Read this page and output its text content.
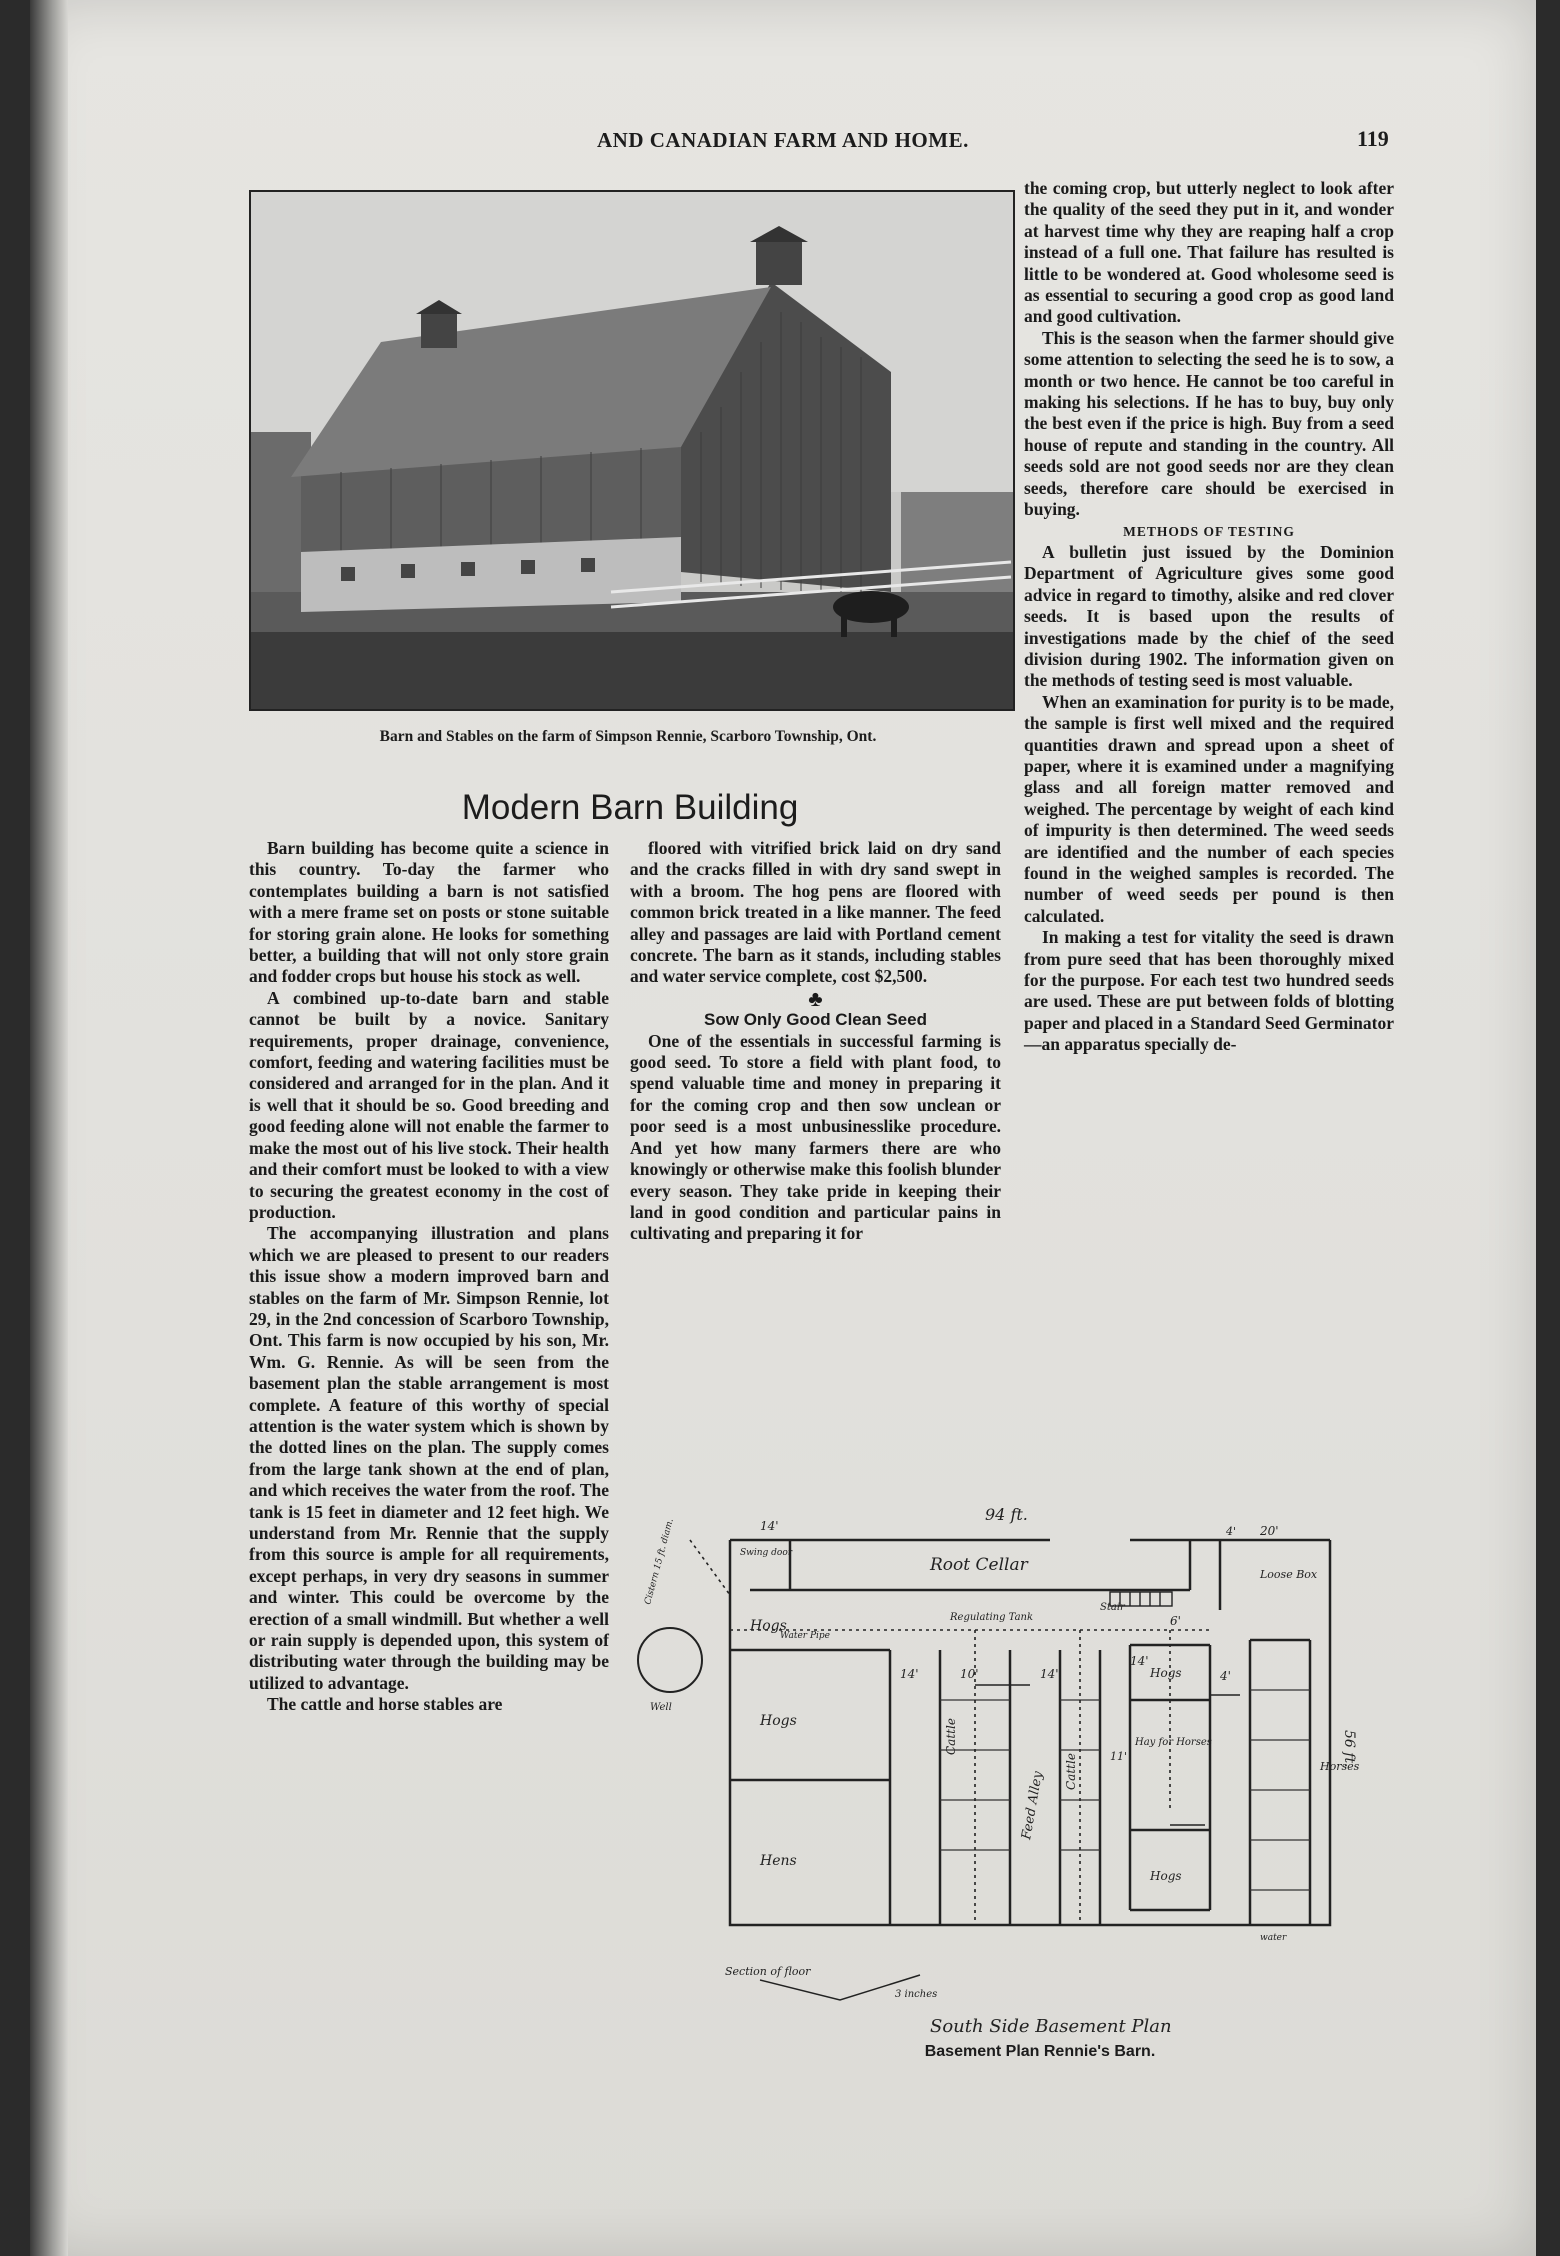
AND CANADIAN FARM AND HOME.	119
Barn and Stables on the farm of Simpson Rennie, Scarboro Township, Ont.
Modern Barn Building

Barn building has become quite a science in this country. To-day the farmer who contemplates building a barn is not satisfied with a mere frame set on posts or stone suitable for storing grain alone. He looks for something better, a building that will not only store grain and fodder crops but house his stock as well.

A combined up-to-date barn and stable cannot be built by a novice. Sanitary requirements, proper drainage, convenience, comfort, feeding and watering facilities must be considered and arranged for in the plan. And it is well that it should be so. Good breeding and good feeding alone will not enable the farmer to make the most out of his live stock. Their health and their comfort must be looked to with a view to securing the greatest economy in the cost of production.

The accompanying illustration and plans which we are pleased to present to our readers this issue show a modern improved barn and stables on the farm of Mr. Simpson Rennie, lot 29, in the 2nd concession of Scarboro Township, Ont. This farm is now occupied by his son, Mr. Wm. G. Rennie. As will be seen from the basement plan the stable arrangement is most complete. A feature of this worthy of special attention is the water system which is shown by the dotted lines on the plan. The supply comes from the large tank shown at the end of plan, and which receives the water from the roof. The tank is 15 feet in diameter and 12 feet high. We understand from Mr. Rennie that the supply from this source is ample for all requirements, except perhaps, in very dry seasons in summer and winter. This could be overcome by the erection of a small windmill. But whether a well or rain supply is depended upon, this system of distributing water through the building may be utilized to advantage.

The cattle and horse stables are

floored with vitrified brick laid on dry sand and the cracks filled in with dry sand swept in with a broom. The hog pens are floored with common brick treated in a like manner. The feed alley and passages are laid with Portland cement concrete. The barn as it stands, including stables and water service complete, cost $2,500.

♣

Sow Only Good Clean Seed

One of the essentials in successful farming is good seed. To store a field with plant food, to spend valuable time and money in preparing it for the coming crop and then sow unclean or poor seed is a most unbusinesslike procedure. And yet how many farmers there are who knowingly or otherwise make this foolish blunder every season. They take pride in keeping their land in good condition and particular pains in cultivating and preparing it for

the coming crop, but utterly neglect to look after the quality of the seed they put in it, and wonder at harvest time why they are reaping half a crop instead of a full one. That failure has resulted is little to be wondered at. Good wholesome seed is as essential to securing a good crop as good land and good cultivation.

This is the season when the farmer should give some attention to selecting the seed he is to sow, a month or two hence. He cannot be too careful in making his selections. If he has to buy, buy only the best even if the price is high. Buy from a seed house of repute and standing in the country. All seeds sold are not good seeds nor are they clean seeds, therefore care should be exercised in buying.

METHODS OF TESTING

A bulletin just issued by the Dominion Department of Agriculture gives some good advice in regard to timothy, alsike and red clover seeds. It is based upon the results of investigations made by the chief of the seed division during 1902. The information given on the methods of testing seed is most valuable.

When an examination for purity is to be made, the sample is first well mixed and the required quantities drawn and spread upon a sheet of paper, where it is examined under a magnifying glass and all foreign matter removed and weighed. The percentage by weight of each kind of impurity is then determined. The weed seeds are identified and the number of each species found in the weighed samples is recorded. The number of weed seeds per pound is then calculated.

In making a test for vitality the seed is drawn from pure seed that has been thoroughly mixed for the purpose. For each test two hundred seeds are used. These are put between folds of blotting paper and placed in a Standard Seed Germinator—an apparatus specially de-

94 ft.
56 ft.
Root Cellar	Loose Box
Hogs
Hogs
Hens
Hogs
Hogs
Hay for Horses
Horses
Cattle
Cattle
Feed Alley
Regulating Tank
Stair
Water Pipe
Section of floor
3 inches
Swing door
14'
10'
14'	14'
6'
4'
20'
14'
11'
4'
Well
Cistern 15 ft. diam.
water
South Side Basement Plan
Basement Plan Rennie's Barn.
